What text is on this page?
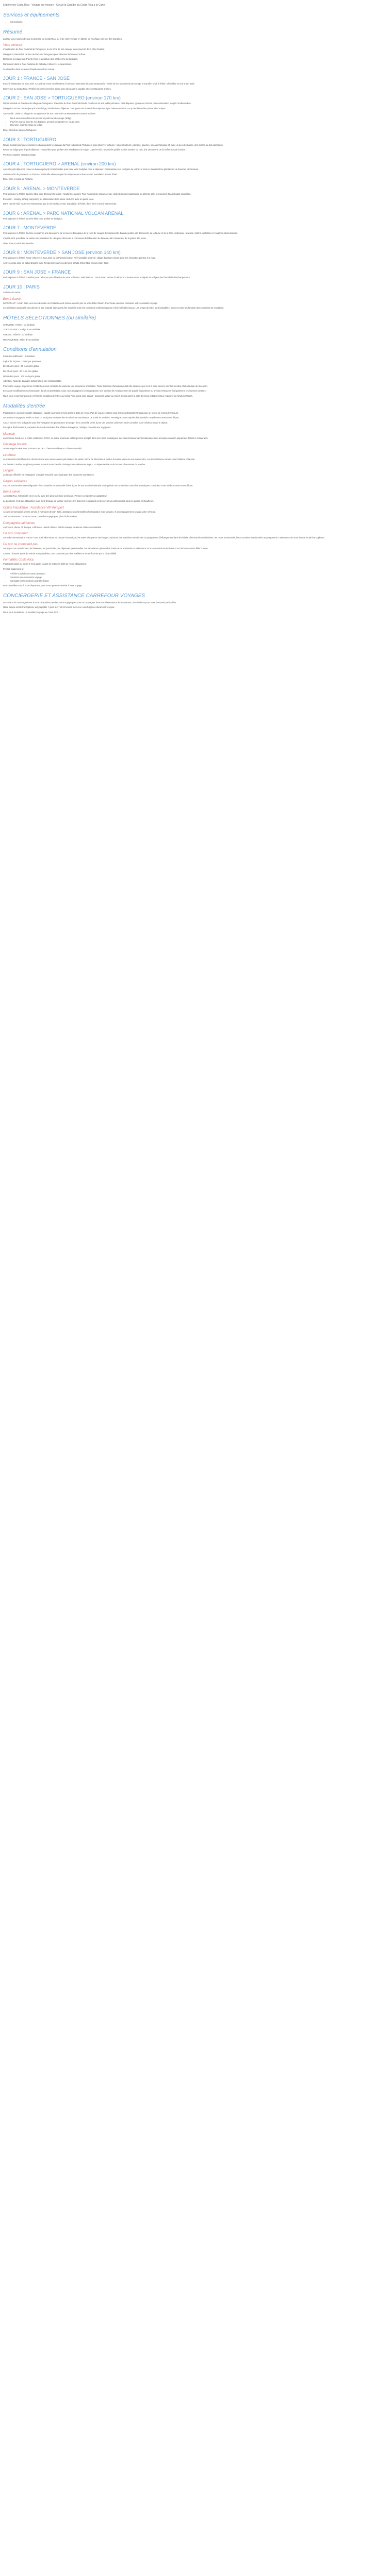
Expérience Costa Rica - Voyage sur mesure - Circuit la Caraïbe du Costa Rica à la Carte
Services et équipements
• Conciergerie
Résumé

Laissez-vous surprendre par la diversité du Costa Rica, au fil de votre voyage en liberté, du Pacifique à la mer des Caraïbes.

Vous aimerez :

L'exploration du Parc National de Tortuguero, la vie riche de ses canaux, la découverte de la côte Caraïbe.

Naviguer à travers les canaux du Parc de Tortuguero pour observer la faune et la flore.

Découvrir les plages de Puerto Viejo et la culture afro-caribéenne de la région.

Randonner dans le Parc National de Cahuita et observer les paresseux.

Se détendre dans les eaux chaudes du volcan Arenal.

JOUR 1 : FRANCE - SAN JOSE

Envol à destination de San José. Accueil par notre représentant à l'aéroport international Juan Santamaría, remise de vos documents de voyage et transfert privé à l'hôtel. Dîner libre et nuit à San José.

Bienvenue au Costa Rica ! Profitez de votre première soirée pour découvrir la capitale et ses restaurants animés.

JOUR 2 : SAN JOSE > TORTUGUERO (environ 170 km)

Départ matinal en direction du village de Tortuguero. Traversée du Parc National Braulio Carrillo et de ses forêts primaires. Petit-déjeuner typique en chemin puis continuation jusqu'à l'embarcadère.

Navigation sur les canaux jusqu'à votre lodge, installation et déjeuner. Tortuguero est accessible uniquement par bateau ou avion, ce qui en fait un lieu préservé et unique.

Après-midi : visite du village de Tortuguero et de son centre de conservation des tortues marines.

• Nous vous conseillons de prévoir un petit sac de voyage (10kg).
• Pour les tours à bord de nos bateaux, pensez à emporter un coupe-vent.
• Déjeuner et dîner inclus au lodge.

Dîner et nuit au lodge à Tortuguero.

JOUR 3 : TORTUGUERO

Réveil matinal pour une excursion en bateau dans les canaux du Parc National de Tortuguero pour observer la faune : singes hurleurs, caïmans, iguanes, oiseaux tropicaux et, avec un peu de chance, des loutres ou des paresseux.

Retour au lodge pour le petit-déjeuner. Temps libre pour profiter des installations du lodge. L'après-midi, randonnée guidée sur les sentiers du parc à la découverte de la forêt tropicale humide.

Pension complète et nuit au lodge.

JOUR 4 : TORTUGUERO > ARENAL (environ 200 km)

Après le petit-déjeuner, retour en bateau jusqu'à l'embarcadère puis route vers Guápiles pour le déjeuner. Continuation vers la région du volcan Arenal en traversant les plantations de bananes et d'ananas.

Arrivée en fin de journée à La Fortuna, petite ville située au pied du majestueux volcan Arenal. Installation à votre hôtel.

Dîner libre et nuit à La Fortuna.

JOUR 5 : ARENAL > MONTEVERDE

Petit-déjeuner à l'hôtel. Journée libre pour découvrir la région : randonnée dans le Parc National du Volcan Arenal, visite des ponts suspendus, ou détente dans les sources d'eau chaude naturelles.

En option : canopy, rafting, canyoning ou observation de la faune nocturne avec un guide local.

Dans l'après-midi, route vers Monteverde par la rive du lac Arenal. Installation à l'hôtel, dîner libre et nuit à Monteverde.

JOUR 6 : ARENAL > PARC NATIONAL VOLCAN ARENAL

Petit-déjeuner à l'hôtel. Journée libre pour profiter de la région.

JOUR 7 : MONTEVERDE

Petit-déjeuner à l'hôtel. Journée consacrée à la découverte de la réserve biologique de la forêt de nuages de Monteverde. Balade guidée à la découverte de la faune et de la flore endémique : quetzal, colibris, orchidées et fougères arborescentes.

L'après-midi, possibilité de visiter une plantation de café pour découvrir le processus de fabrication du fameux café costaricien, de la graine à la tasse.

Dîner libre et nuit à Monteverde.

JOUR 8 : MONTEVERDE > SAN JOSE (environ 140 km)

Petit-déjeuner à l'hôtel. Route retour vers San José via la Panaméricaine. Arrêt possible à Sarchí, village d'artisans réputé pour ses charrettes peintes à la main.

Arrivée à San José en début d'après-midi. Temps libre pour vos derniers achats. Dîner libre et nuit à San José.

JOUR 9 : SAN JOSE > FRANCE

Petit-déjeuner à l'hôtel. Transfert pour l'aéroport pour l'horaire de votre vol retour. IMPORTANT : Vous devez arriver à l'aéroport 3 heures avant le départ du vol pour les formalités d'embarquement.

JOUR 10 : PARIS

Arrivée en France.

Bon à Savoir :

IMPORTANT : à San José, une taxe de sortie du Costa Rica est incluse dans le prix de votre billet d'avion. Pour toute question, contactez votre conseiller voyage.

Les itinéraires proposés sont donnés à titre indicatif et peuvent être modifiés selon les conditions météorologiques et les impératifs locaux. Les temps de trajet sont indicatifs et peuvent varier en fonction des conditions de circulation.

HÔTELS SÉLECTIONNÉS (ou similaire)

SAN JOSE : Hôtel 4* ou similaire

TORTUGUERO : Lodge 3* ou similaire

ARENAL : Hôtel 4* ou similaire

MONTEVERDE : Hôtel 3* ou similaire

Conditions d'annulation

Frais de modification / annulation :

À plus de 30 jours : 150 € par personne

De 30 à 21 jours : 30 % du prix global

De 20 à 8 jours : 60 % du prix global

Moins de 8 jours : 100 % du prix global

Attention, l'ajout de bagages optionnel est non remboursable.

Pour votre voyage, Expérience Costa Rica vous conseille de souscrire une assurance annulation. Toute demande d'annulation doit être adressée par écrit à notre service client et prendra effet à la date de réception.

En cas de modification ou d'annulation du fait du prestataire, nous nous engageons à vous proposer une solution de remplacement de qualité équivalente ou à vous rembourser intégralement les sommes versées.

Nous vous recommandons de vérifier les conditions d'entrée au Costa Rica avant votre départ : passeport valide au moins 6 mois après la date de retour, billet de retour et preuve de fonds suffisants.

Modalités d'entrée

Passeport en cours de validité obligatoire, valable au moins 6 mois après la date de retour. Pas de visa nécessaire pour les ressortissants français pour un séjour de moins de 90 jours.

Les mineurs voyageant seuls ou avec un seul parent doivent être munis d'une autorisation de sortie du territoire. Renseignez-vous auprès des autorités compétentes avant votre départ.

Aucun vaccin n'est obligatoire pour les voyageurs en provenance d'Europe. Il est conseillé d'être à jour des vaccins universels et de consulter votre médecin avant le départ.

Pour plus d'informations, consultez le site du ministère des Affaires étrangères, rubrique Conseils aux voyageurs.

Monnaie

La monnaie locale est le colón costaricien (CRC). Le dollar américain est largement accepté dans les zones touristiques. Les cartes bancaires internationales sont acceptées dans la plupart des hôtels et restaurants.

Décalage horaire

Le décalage horaire avec la France est de - 7 heures en hiver et - 8 heures en été.

Le climat

Le Costa Rica bénéficie d'un climat tropical avec deux saisons principales : la saison sèche de décembre à avril et la saison verte de mai à novembre. Les températures varient selon l'altitude et la côte.

Sur la côte Caraïbe, les pluies peuvent survenir toute l'année. Prévoyez des vêtements légers, un imperméable et de bonnes chaussures de marche.

Langue

La langue officielle est l'espagnol. L'anglais est parlé dans la plupart des structures touristiques.

Règles sanitaires

Aucune vaccination n'est obligatoire. Il est toutefois recommandé d'être à jour de vos vaccins habituels et de prévoir une protection contre les moustiques. Consultez votre médecin avant votre départ.

Bon à savoir

Au Costa Rica, l'électricité est en 110V avec des prises de type américain. Pensez à emporter un adaptateur.

Le pourboire n'est pas obligatoire mais il est d'usage de laisser environ 10 % dans les restaurants et de prévoir un petit montant pour les guides et chauffeurs.

Option Facultative : Assistance VIP Aéroport

Accueil personnalisé à votre arrivée à l'aéroport de San José, assistance aux formalités d'immigration et de douane, et accompagnement jusqu'à votre véhicule.

Tarif sur demande, contactez votre conseiller voyage pour plus d'informations.

Compagnies aériennes

Air France, Iberia, Air Europa, Lufthansa, United Airlines, British Airways, American Airlines ou similaire.

Ce prix comprend

Les vols internationaux France / San José aller-retour en classe économique, les taxes aéroport et surcharges carburant, les transferts mentionnés au programme, l'hébergement dans les hôtels sélectionnés ou similaires, les repas mentionnés, les excursions mentionnées au programme, l'assistance de notre équipe locale francophone.

Ce prix ne comprend pas

Les repas non mentionnés, les boissons, les pourboires, les dépenses personnelles, les excursions optionnelles, l'assurance annulation et assistance, la taxe de sortie du territoire si non incluse dans le billet d'avion.

A noter : d'autres types de voiture sont possibles, nous consulter pour les modèles et les tarifs ainsi que la disponibilité.

Formalités Costa Rica

Passeport valide au moins 6 mois après la date de retour et billet de retour obligatoires.

Pensez également à :

• Vérifier la validité de votre passeport
• Souscrire une assurance voyage
• Consulter votre médecin avant le départ

Nos conseillers sont à votre disposition pour toute question relative à votre voyage.

CONCIERGERIE ET ASSISTANCE CARREFOUR VOYAGES

Un service de conciergerie est à votre disposition pendant votre voyage pour vous accompagner dans vos réservations de restaurants, d'activités ou pour toute demande particulière.

Notre équipe locale francophone est joignable 7 jours sur 7 et 24 heures sur 24 en cas d'urgence durant votre séjour.

Nous vous souhaitons un excellent voyage au Costa Rica !
